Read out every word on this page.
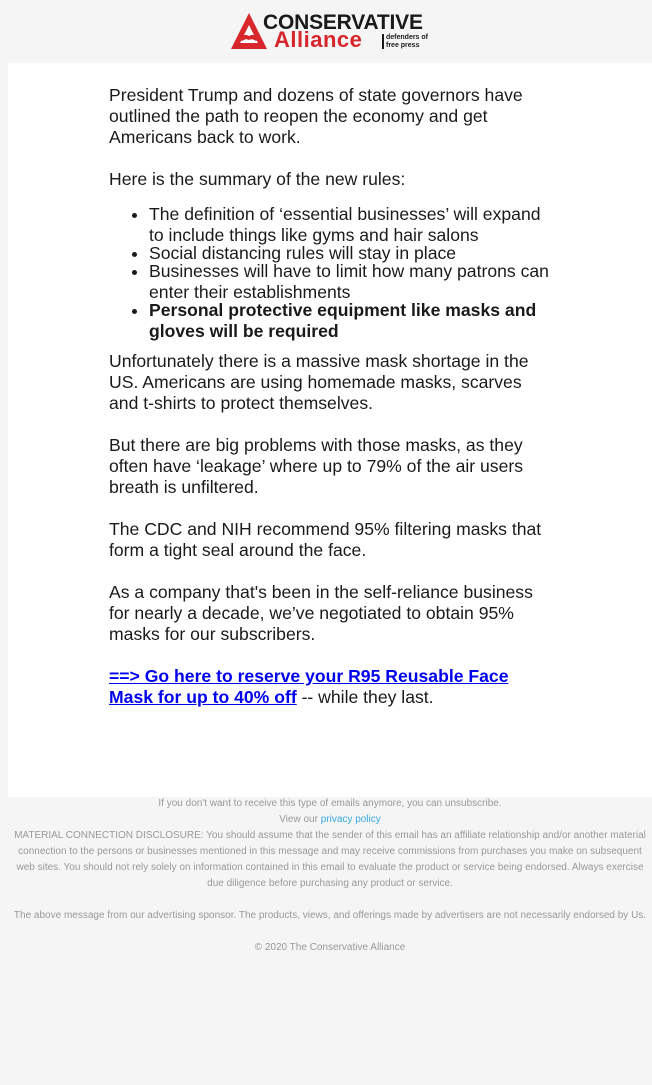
CONSERVATIVE
Alliance	defenders of free press

President Trump and dozens of state governors have outlined the path to reopen the economy and get Americans back to work.

Here is the summary of the new rules:

• The definition of ‘essential businesses’ will expand to include things like gyms and hair salons
• Social distancing rules will stay in place
• Businesses will have to limit how many patrons can enter their establishments
• Personal protective equipment like masks and gloves will be required

Unfortunately there is a massive mask shortage in the US. Americans are using homemade masks, scarves and t-shirts to protect themselves.

But there are big problems with those masks, as they often have ‘leakage’ where up to 79% of the air users breath is unfiltered.

The CDC and NIH recommend 95% filtering masks that form a tight seal around the face.

As a company that's been in the self-reliance business for nearly a decade, we’ve negotiated to obtain 95% masks for our subscribers.

==> Go here to reserve your R95 Reusable Face Mask for up to 40% off -- while they last.

If you don't want to receive this type of emails anymore, you can unsubscribe.

View our privacy policy

MATERIAL CONNECTION DISCLOSURE: You should assume that the sender of this email has an affiliate relationship and/or another material connection to the persons or businesses mentioned in this message and may receive commissions from purchases you make on subsequent web sites. You should not rely solely on information contained in this email to evaluate the product or service being endorsed. Always exercise due diligence before purchasing any product or service.

The above message from our advertising sponsor. The products, views, and offerings made by advertisers are not necessarily endorsed by Us.

© 2020 The Conservative Alliance
